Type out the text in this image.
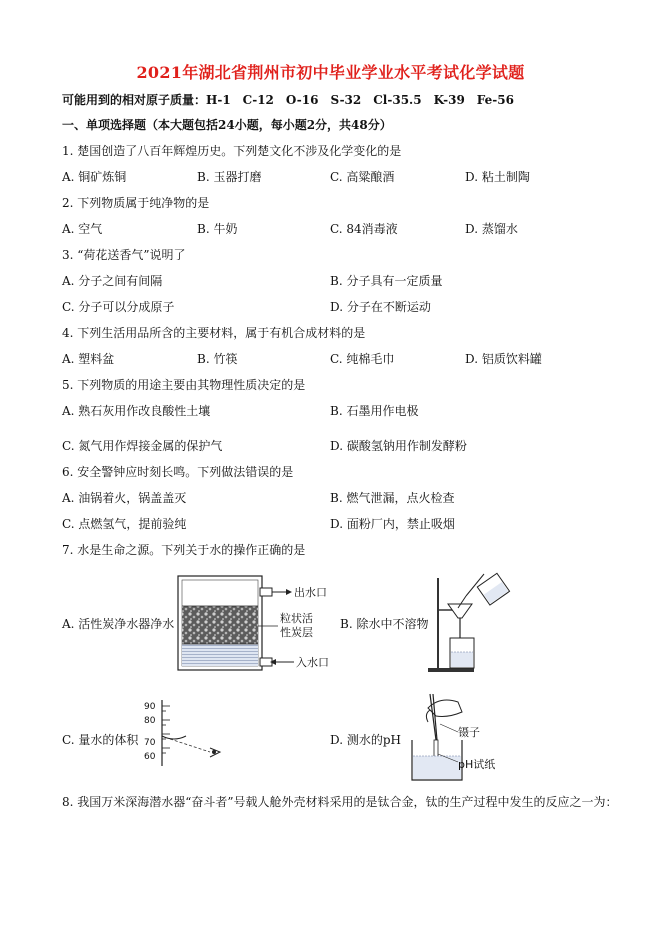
2021年湖北省荆州市初中毕业学业水平考试化学试题
可能用到的相对原子质量：H-1　C-12　O-16　S-32　Cl-35.5　K-39　Fe-56
一、单项选择题（本大题包括24小题，每小题2分，共48分）
1. 楚国创造了八百年辉煌历史。下列楚文化不涉及化学变化的是
A. 铜矿炼铜	B. 玉器打磨	C. 高粱酿酒	D. 粘土制陶
2. 下列物质属于纯净物的是
A. 空气	B. 牛奶	C. 84消毒液	D. 蒸馏水
3. “荷花送香气”说明了
A. 分子之间有间隔	B. 分子具有一定质量
C. 分子可以分成原子	D. 分子在不断运动
4. 下列生活用品所含的主要材料，属于有机合成材料的是
A. 塑料盆	B. 竹筷	C. 纯棉毛巾	D. 铝质饮料罐
5. 下列物质的用途主要由其物理性质决定的是
A. 熟石灰用作改良酸性土壤	B. 石墨用作电极
C. 氮气用作焊接金属的保护气	D. 碳酸氢钠用作制发酵粉
6. 安全警钟应时刻长鸣。下列做法错误的是
A. 油锅着火，锅盖盖灭	B. 燃气泄漏，点火检查
C. 点燃氢气，提前验纯	D. 面粉厂内，禁止吸烟
7. 水是生命之源。下列关于水的操作正确的是
A. 活性炭净水器净水	B. 除水中不溶物
C. 量水的体积	D. 测水的pH
出水口
粒状活
性炭层
入水口
90
80
70
60
镊子
pH试纸
8. 我国万米深海潜水器“奋斗者”号载人舱外壳材料采用的是钛合金，钛的生产过程中发生的反应之一为：
